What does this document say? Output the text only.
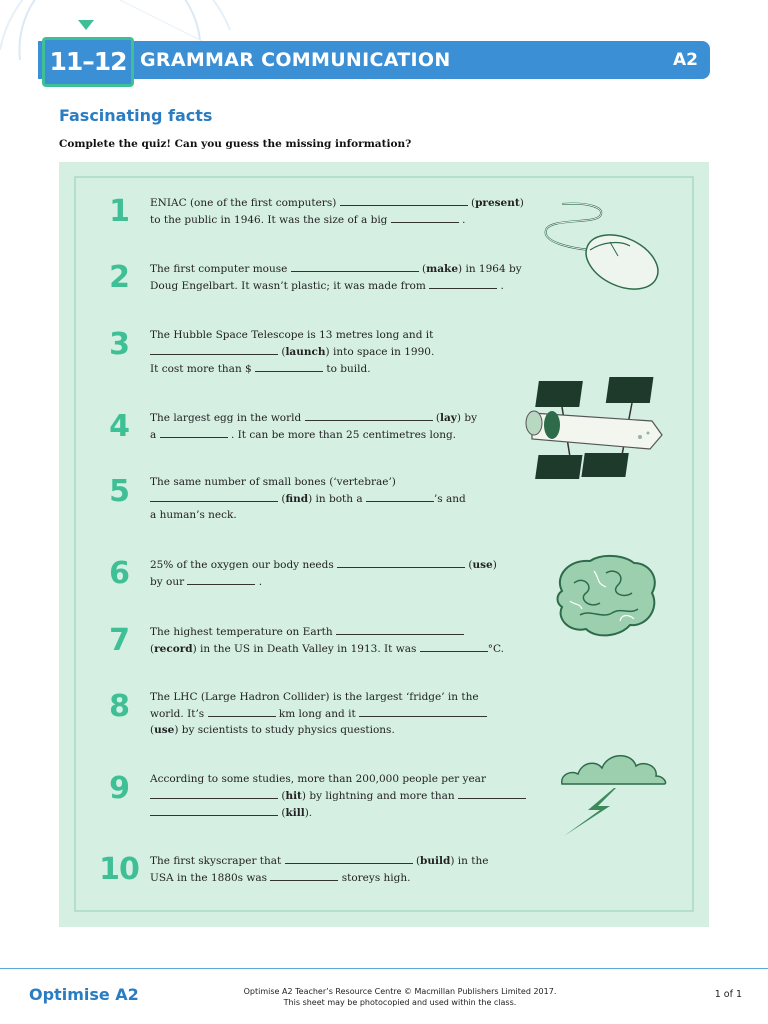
11–12 GRAMMAR COMMUNICATION	A2
Fascinating facts
Complete the quiz! Can you guess the missing information?
1	ENIAC (one of the first computers)	(present)
to the public in 1946. It was the size of a big	.
2	The first computer mouse	(make) in 1964 by
Doug Engelbart. It wasn’t plastic; it was made from	.
3	The Hubble Space Telescope is 13 metres long and it
(launch) into space in 1990.
It cost more than $	to build.
4	The largest egg in the world	(lay) by
a	. It can be more than 25 centimetres long.
5	The same number of small bones (‘vertebrae’)
(find) in both a	’s and
a human’s neck.
6	25% of the oxygen our body needs	(use)
by our	.
7	The highest temperature on Earth
(record) in the US in Death Valley in 1913. It was	°C.
8	The LHC (Large Hadron Collider) is the largest ‘fridge’ in the
world. It’s	km long and it
(use) by scientists to study physics questions.
9	According to some studies, more than 200,000 people per year
(hit) by lightning and more than
(kill).
10	The first skyscraper that	(build) in the
USA in the 1880s was	storeys high.
Optimise A2	Optimise A2 Teacher’s Resource Centre © Macmillan Publishers Limited 2017.
This sheet may be photocopied and used within the class.
1 of 1
